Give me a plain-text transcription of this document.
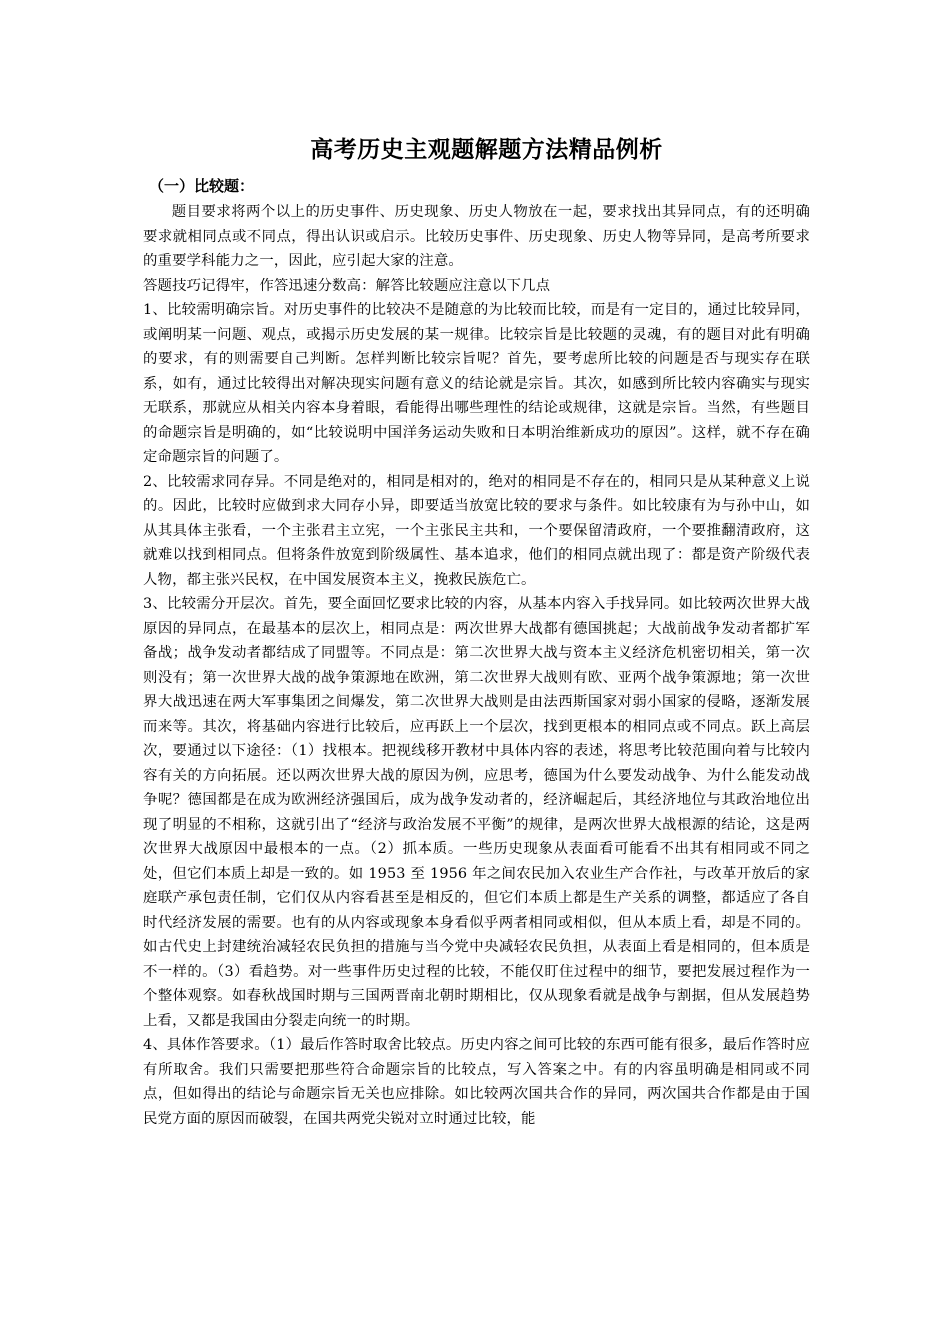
高考历史主观题解题方法精品例析
（一）比较题：

题目要求将两个以上的历史事件、历史现象、历史人物放在一起，要求找出其异同点，有的还明确要求就相同点或不同点，得出认识或启示。比较历史事件、历史现象、历史人物等异同，是高考所要求的重要学科能力之一，因此，应引起大家的注意。

答题技巧记得牢，作答迅速分数高：解答比较题应注意以下几点

1、比较需明确宗旨。对历史事件的比较决不是随意的为比较而比较，而是有一定目的，通过比较异同，或阐明某一问题、观点，或揭示历史发展的某一规律。比较宗旨是比较题的灵魂，有的题目对此有明确的要求，有的则需要自己判断。怎样判断比较宗旨呢？首先，要考虑所比较的问题是否与现实存在联系，如有，通过比较得出对解决现实问题有意义的结论就是宗旨。其次，如感到所比较内容确实与现实无联系，那就应从相关内容本身着眼，看能得出哪些理性的结论或规律，这就是宗旨。当然，有些题目的命题宗旨是明确的，如“比较说明中国洋务运动失败和日本明治维新成功的原因”。这样，就不存在确定命题宗旨的问题了。

2、比较需求同存异。不同是绝对的，相同是相对的，绝对的相同是不存在的，相同只是从某种意义上说的。因此，比较时应做到求大同存小异，即要适当放宽比较的要求与条件。如比较康有为与孙中山，如从其具体主张看，一个主张君主立宪，一个主张民主共和，一个要保留清政府，一个要推翻清政府，这就难以找到相同点。但将条件放宽到阶级属性、基本追求，他们的相同点就出现了：都是资产阶级代表人物，都主张兴民权，在中国发展资本主义，挽救民族危亡。

3、比较需分开层次。首先，要全面回忆要求比较的内容，从基本内容入手找异同。如比较两次世界大战原因的异同点，在最基本的层次上，相同点是：两次世界大战都有德国挑起；大战前战争发动者都扩军备战；战争发动者都结成了同盟等。不同点是：第二次世界大战与资本主义经济危机密切相关，第一次则没有；第一次世界大战的战争策源地在欧洲，第二次世界大战则有欧、亚两个战争策源地；第一次世界大战迅速在两大军事集团之间爆发，第二次世界大战则是由法西斯国家对弱小国家的侵略，逐渐发展而来等。其次，将基础内容进行比较后，应再跃上一个层次，找到更根本的相同点或不同点。跃上高层次，要通过以下途径：（1）找根本。把视线移开教材中具体内容的表述，将思考比较范围向着与比较内容有关的方向拓展。还以两次世界大战的原因为例，应思考，德国为什么要发动战争、为什么能发动战争呢？德国都是在成为欧洲经济强国后，成为战争发动者的，经济崛起后，其经济地位与其政治地位出现了明显的不相称，这就引出了“经济与政治发展不平衡”的规律，是两次世界大战根源的结论，这是两次世界大战原因中最根本的一点。（2）抓本质。一些历史现象从表面看可能看不出其有相同或不同之处，但它们本质上却是一致的。如 1953 至 1956 年之间农民加入农业生产合作社，与改革开放后的家庭联产承包责任制，它们仅从内容看甚至是相反的，但它们本质上都是生产关系的调整，都适应了各自时代经济发展的需要。也有的从内容或现象本身看似乎两者相同或相似，但从本质上看，却是不同的。如古代史上封建统治减轻农民负担的措施与当今党中央减轻农民负担，从表面上看是相同的，但本质是不一样的。（3）看趋势。对一些事件历史过程的比较，不能仅盯住过程中的细节，要把发展过程作为一个整体观察。如春秋战国时期与三国两晋南北朝时期相比，仅从现象看就是战争与割据，但从发展趋势上看，又都是我国由分裂走向统一的时期。

4、具体作答要求。（1）最后作答时取舍比较点。历史内容之间可比较的东西可能有很多，最后作答时应有所取舍。我们只需要把那些符合命题宗旨的比较点，写入答案之中。有的内容虽明确是相同或不同点，但如得出的结论与命题宗旨无关也应排除。如比较两次国共合作的异同，两次国共合作都是由于国民党方面的原因而破裂，在国共两党尖锐对立时通过比较，能
